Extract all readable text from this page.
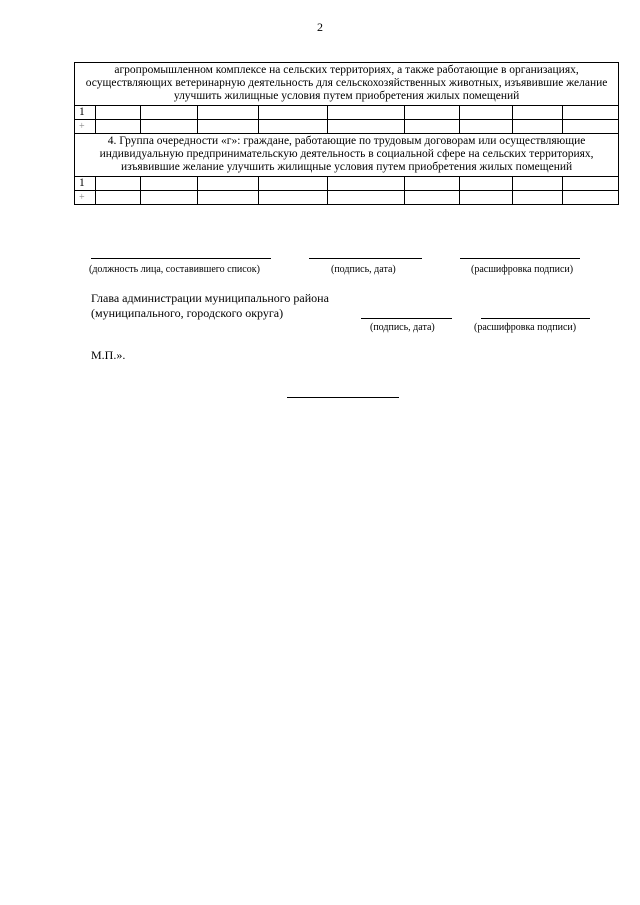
2
агропромышленном комплексе на сельских территориях, а также работающие в организациях, осуществляющих ветеринарную деятельность для сельскохозяйственных животных, изъявившие желание улучшить жилищные условия путем приобретения жилых помещений									
1									
+									
4. Группа очередности «г»: граждане, работающие по трудовым договорам или осуществляющие индивидуальную предпринимательскую деятельность в социальной сфере на сельских территориях, изъявившие желание улучшить жилищные условия путем приобретения жилых помещений									
1									
+									
(должность лица, составившего список)	(подпись, дата)	(расшифровка подписи)
Глава администрации муниципального района
(муниципального, городского округа)
(подпись, дата)	(расшифровка подписи)
М.П.».
